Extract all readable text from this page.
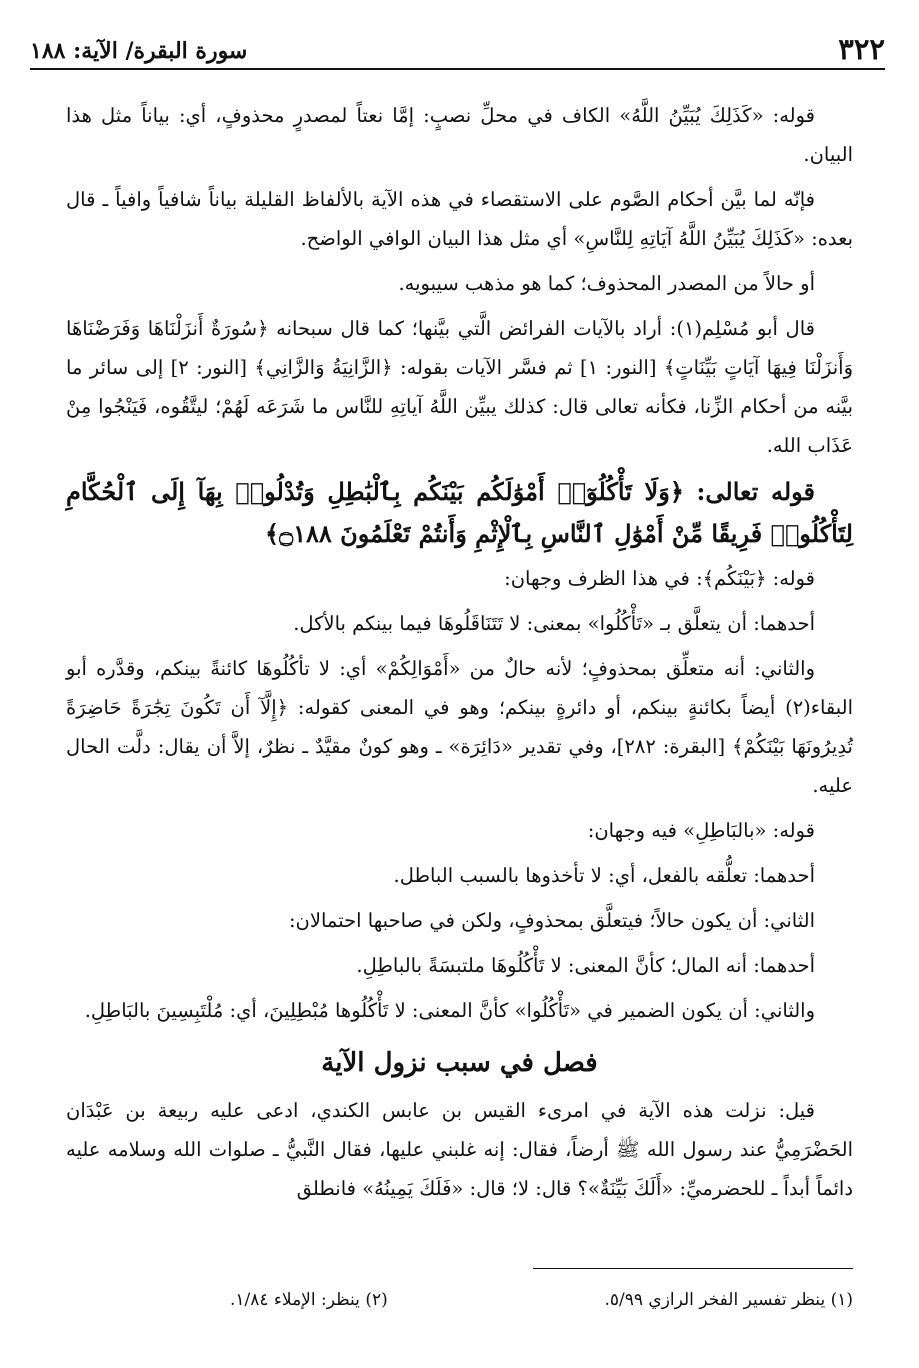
٣٢٢
سورة البقرة/ الآية: ١٨٨

قوله: «كَذَلِكَ يُبَيِّنُ اللَّهُ» الكاف في محلِّ نصبٍ: إمَّا نعتاً لمصدرٍ محذوفٍ، أي: بياناً مثل هذا البيان.

فإنّه لما بيَّن أحكام الصَّوم على الاستقصاء في هذه الآية بالألفاظ القليلة بياناً شافياً وافياً ـ قال بعده: «كَذَلِكَ يُبَيِّنُ اللَّهُ آيَاتِهِ لِلنَّاسِ» أي مثل هذا البيان الوافي الواضح.

أو حالاً من المصدر المحذوف؛ كما هو مذهب سيبويه.

قال أبو مُسْلِم(١): أراد بالآيات الفرائض الَّتي بيَّنها؛ كما قال سبحانه ﴿سُورَةٌ أَنزَلْنَاهَا وَفَرَضْنَاهَا وَأَنزَلْنَا فِيهَا آيَاتٍ بَيِّنَاتٍ﴾ [النور: ١] ثم فسَّر الآيات بقوله: ﴿الزَّانِيَةُ وَالزَّانِي﴾ [النور: ٢] إلى سائر ما بيَّنه من أحكام الزِّنا، فكأنه تعالى قال: كذلك يبيِّن اللَّهُ آياتِهِ للنَّاس ما شَرَعَه لَهُمْ؛ ليتَّقُوه، فَيَنْجُوا مِنْ عَذَاب الله.

قوله تعالى: ﴿وَلَا تَأْكُلُوٓا۟ أَمْوَٰلَكُم بَيْنَكُم بِٱلْبَٰطِلِ وَتُدْلُوا۟ بِهَآ إِلَى ٱلْحُكَّامِ لِتَأْكُلُوا۟ فَرِيقًا مِّنْ أَمْوَٰلِ ٱلنَّاسِ بِٱلْإِثْمِ وَأَنتُمْ تَعْلَمُونَ ۝١٨٨﴾

قوله: ﴿بَيْنَكُم﴾: في هذا الظرف وجهان:

أحدهما: أن يتعلَّق بـ «تَأْكُلُوا» بمعنى: لا تَتَنَاقَلُوهَا فيما بينكم بالأكل.

والثاني: أنه متعلِّق بمحذوفٍ؛ لأنه حالٌ من «أَمْوَالِكُمْ» أي: لا تأكُلُوهَا كائنةً بينكم، وقدَّره أبو البقاء(٢) أيضاً بكائنةٍ بينكم، أو دائرةٍ بينكم؛ وهو في المعنى كقوله: ﴿إِلَّآ أَن تَكُونَ تِجَٰرَةً حَاضِرَةً تُدِيرُونَهَا بَيْنَكُمْ﴾ [البقرة: ٢٨٢]، وفي تقدير «دَائِرَة» ـ وهو كونٌ مقيَّدٌ ـ نظرٌ، إلاَّ أن يقال: دلَّت الحال عليه.

قوله: «بالبَاطِلِ» فيه وجهان:

أحدهما: تعلُّقه بالفعل، أي: لا تأخذوها بالسبب الباطل.

الثاني: أن يكون حالاً؛ فيتعلَّق بمحذوفٍ، ولكن في صاحبها احتمالان:

أحدهما: أنه المال؛ كأنَّ المعنى: لا تَأْكُلُوهَا ملتبسَةً بالباطِلِ.

والثاني: أن يكون الضمير في «تَأْكُلُوا» كأنَّ المعنى: لا تَأْكُلُوها مُبْطِلِينَ، أي: مُلْتَبِسِينَ بالبَاطِلِ.

فصل في سبب نزول الآية

قيل: نزلت هذه الآية في امرىء القيس بن عابس الكندي، ادعى عليه ربيعة بن عَبْدَان الحَضْرَمِيُّ عند رسول الله ﷺ أرضاً، فقال: إنه غلبني عليها، فقال النَّبيُّ ـ صلوات الله وسلامه عليه دائماً أبداً ـ للحضرميِّ: «أَلَكَ بَيِّنَةٌ»؟ قال: لا؛ قال: «فَلَكَ يَمِينُهُ» فانطلق

(١) ينظر تفسير الفخر الرازي ٥/٩٩.
(٢) ينظر: الإملاء ١/٨٤.
